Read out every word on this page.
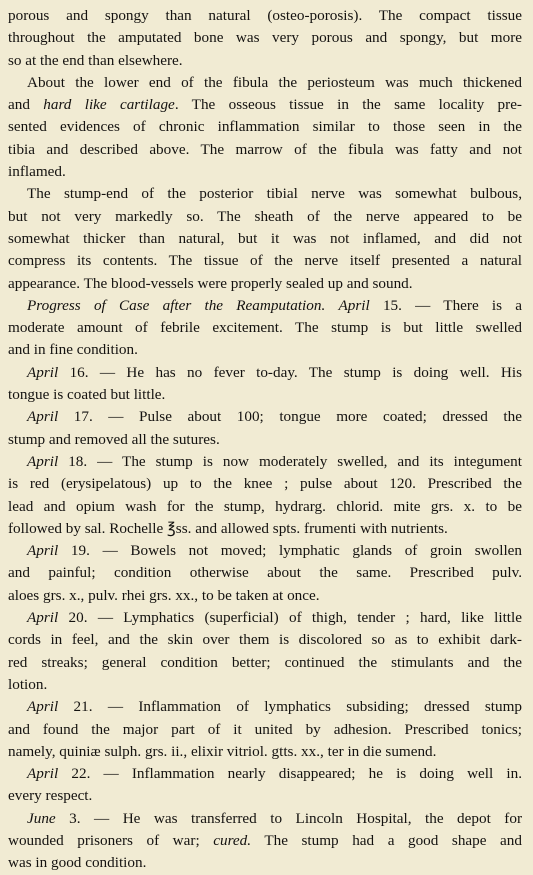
porous and spongy than natural (osteo-porosis). The compact tissue
throughout the amputated bone was very porous and spongy, but more
so at the end than elsewhere.
About the lower end of the fibula the periosteum was much thickened
and hard like cartilage. The osseous tissue in the same locality pre-
sented evidences of chronic inflammation similar to those seen in the
tibia and described above. The marrow of the fibula was fatty and not
inflamed.
The stump-end of the posterior tibial nerve was somewhat bulbous,
but not very markedly so. The sheath of the nerve appeared to be
somewhat thicker than natural, but it was not inflamed, and did not
compress its contents. The tissue of the nerve itself presented a natural
appearance. The blood-vessels were properly sealed up and sound.
Progress of Case after the Reamputation. April 15. — There is a
moderate amount of febrile excitement. The stump is but little swelled
and in fine condition.
April 16. — He has no fever to-day. The stump is doing well. His
tongue is coated but little.
April 17. — Pulse about 100; tongue more coated; dressed the
stump and removed all the sutures.
April 18. — The stump is now moderately swelled, and its integument
is red (erysipelatous) up to the knee ; pulse about 120. Prescribed the
lead and opium wash for the stump, hydrarg. chlorid. mite grs. x. to be
followed by sal. Rochelle ℥ss. and allowed spts. frumenti with nutrients.
April 19. — Bowels not moved; lymphatic glands of groin swollen
and painful; condition otherwise about the same. Prescribed pulv.
aloes grs. x., pulv. rhei grs. xx., to be taken at once.
April 20. — Lymphatics (superficial) of thigh, tender ; hard, like little
cords in feel, and the skin over them is discolored so as to exhibit dark-
red streaks; general condition better; continued the stimulants and the
lotion.
April 21. — Inflammation of lymphatics subsiding; dressed stump
and found the major part of it united by adhesion. Prescribed tonics;
namely, quiniæ sulph. grs. ii., elixir vitriol. gtts. xx., ter in die sumend.
April 22. — Inflammation nearly disappeared; he is doing well in.
every respect.
June 3. — He was transferred to Lincoln Hospital, the depot for
wounded prisoners of war; cured. The stump had a good shape and
was in good condition.
